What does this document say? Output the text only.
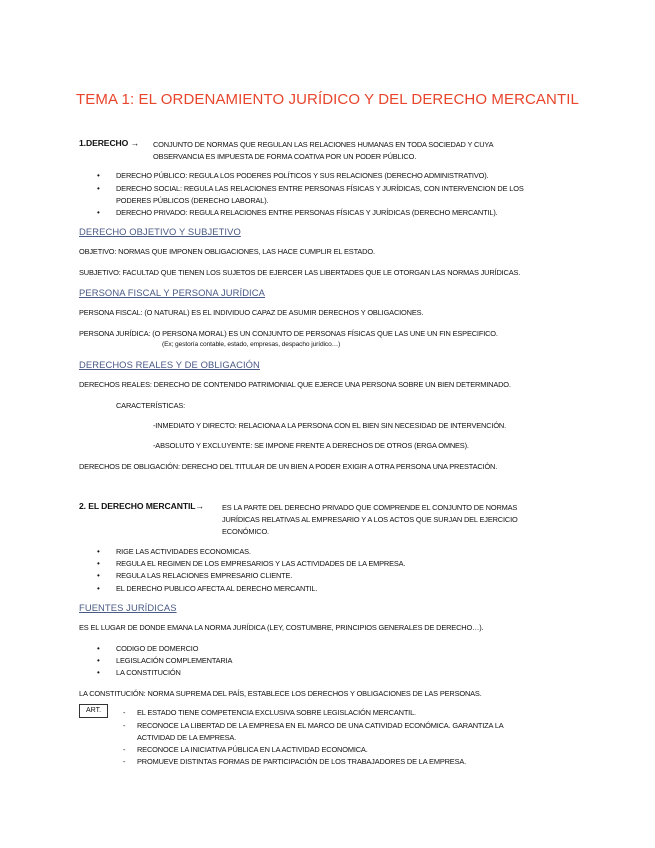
TEMA 1: EL ORDENAMIENTO JURÍDICO Y DEL DERECHO MERCANTIL
1.DERECHO → CONJUNTO DE NORMAS QUE REGULAN LAS RELACIONES HUMANAS EN TODA SOCIEDAD Y CUYA
OBSERVANCIA ES IMPUESTA DE FORMA COATIVA POR UN PODER PÚBLICO.
• DERECHO PÚBLICO: REGULA LOS PODERES POLÍTICOS Y SUS RELACIONES (DERECHO ADMINISTRATIVO).
• DERECHO SOCIAL: REGULA LAS RELACIONES ENTRE PERSONAS FÍSICAS Y JURÍDICAS, CON INTERVENCION DE LOS
PODERES PÚBLICOS (DERECHO LABORAL).
• DERECHO PRIVADO: REGULA RELACIONES ENTRE PERSONAS FÍSICAS Y JURÍDICAS (DERECHO MERCANTIL).
DERECHO OBJETIVO Y SUBJETIVO
OBJETIVO: NORMAS QUE IMPONEN OBLIGACIONES, LAS HACE CUMPLIR EL ESTADO.
SUBJETIVO: FACULTAD QUE TIENEN LOS SUJETOS DE EJERCER LAS LIBERTADES QUE LE OTORGAN LAS NORMAS JURÍDICAS.
PERSONA FISCAL Y PERSONA JURÍDICA
PERSONA FISCAL: (O NATURAL) ES EL INDIVIDUO CAPAZ DE ASUMIR DERECHOS Y OBLIGACIONES.
PERSONA JURÍDICA: (O PERSONA MORAL) ES UN CONJUNTO DE PERSONAS FÍSICAS QUE LAS UNE UN FIN ESPECIFICO.
(Ex; gestoría contable, estado, empresas, despacho jurídico…)
DERECHOS REALES Y DE OBLIGACIÓN
DERECHOS REALES: DERECHO DE CONTENIDO PATRIMONIAL QUE EJERCE UNA PERSONA SOBRE UN BIEN DETERMINADO.
CARACTERÍSTICAS:
-INMEDIATO Y DIRECTO: RELACIONA A LA PERSONA CON EL BIEN SIN NECESIDAD DE INTERVENCIÓN.
-ABSOLUTO Y EXCLUYENTE: SE IMPONE FRENTE A DERECHOS DE OTROS (ERGA OMNES).
DERECHOS DE OBLIGACIÓN: DERECHO DEL TITULAR DE UN BIEN A PODER EXIGIR A OTRA PERSONA UNA PRESTACIÓN.
2. EL DERECHO MERCANTIL→ ES LA PARTE DEL DERECHO PRIVADO QUE COMPRENDE EL CONJUNTO DE NORMAS
JURÍDICAS RELATIVAS AL EMPRESARIO Y A LOS ACTOS QUE SURJAN DEL EJERCICIO
ECONÓMICO.
• RIGE LAS ACTIVIDADES ECONOMICAS.
• REGULA EL REGIMEN DE LOS EMPRESARIOS Y LAS ACTIVIDADES DE LA EMPRESA.
• REGULA LAS RELACIONES EMPRESARIO CLIENTE.
• EL DERECHO PUBLICO AFECTA AL DERECHO MERCANTIL.
FUENTES JURÍDICAS
ES EL LUGAR DE DONDE EMANA LA NORMA JURÍDICA (LEY, COSTUMBRE, PRINCIPIOS GENERALES DE DERECHO…).
• CODIGO DE DOMERCIO
• LEGISLACIÓN COMPLEMENTARIA
• LA CONSTITUCIÓN
LA CONSTITUCIÓN: NORMA SUPREMA DEL PAÍS, ESTABLECE LOS DERECHOS Y OBLIGACIONES DE LAS PERSONAS.
ART.
-	EL ESTADO TIENE COMPETENCIA EXCLUSIVA SOBRE LEGISLACIÓN MERCANTIL.
- RECONOCE LA LIBERTAD DE LA EMPRESA EN EL MARCO DE UNA CATIVIDAD ECONÓMICA. GARANTIZA LA
ACTIVIDAD DE LA EMPRESA.
- RECONOCE LA INICIATIVA PÚBLICA EN LA ACTIVIDAD ECONOMICA.
- PROMUEVE DISTINTAS FORMAS DE PARTICIPACIÓN DE LOS TRABAJADORES DE LA EMPRESA.
